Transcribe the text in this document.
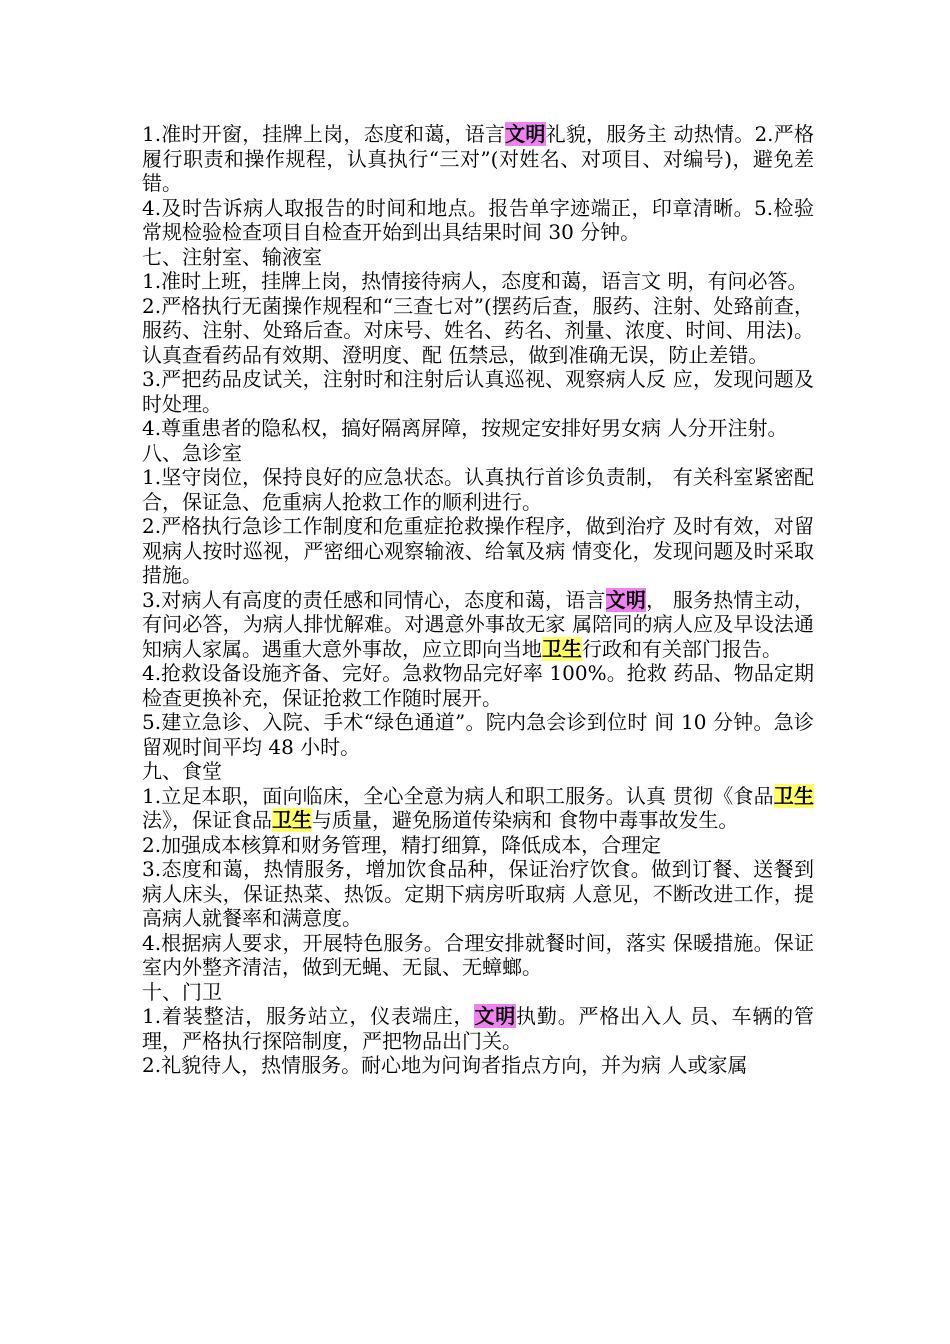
1.准时开窗，挂牌上岗，态度和蔼，语言文明礼貌，服务主 动热情。2.严格履行职责和操作规程，认真执行“三对”(对姓名、对项目、对编号)，避免差错。

4.及时告诉病人取报告的时间和地点。报告单字迹端正，印章清晰。5.检验常规检验检查项目自检查开始到出具结果时间 30 分钟。

七、注射室、输液室

1.准时上班，挂牌上岗，热情接待病人，态度和蔼，语言文 明，有问必答。

2.严格执行无菌操作规程和“三查七对”(摆药后查，服药、注射、处臵前查，服药、注射、处臵后查。对床号、姓名、药名、剂量、浓度、时间、用法)。认真查看药品有效期、澄明度、配 伍禁忌，做到准确无误，防止差错。

3.严把药品皮试关，注射时和注射后认真巡视、观察病人反 应，发现问题及时处理。

4.尊重患者的隐私权，搞好隔离屏障，按规定安排好男女病 人分开注射。

八、急诊室

1.坚守岗位，保持良好的应急状态。认真执行首诊负责制， 有关科室紧密配合，保证急、危重病人抢救工作的顺利进行。

2.严格执行急诊工作制度和危重症抢救操作程序，做到治疗 及时有效，对留观病人按时巡视，严密细心观察输液、给氧及病 情变化，发现问题及时采取措施。

3.对病人有高度的责任感和同情心，态度和蔼，语言文明， 服务热情主动，有问必答，为病人排忧解难。对遇意外事故无家 属陪同的病人应及早设法通知病人家属。遇重大意外事故，应立即向当地卫生行政和有关部门报告。

4.抢救设备设施齐备、完好。急救物品完好率 100%。抢救 药品、物品定期检查更换补充，保证抢救工作随时展开。

5.建立急诊、入院、手术“绿色通道”。院内急会诊到位时 间 10 分钟。急诊留观时间平均 48 小时。

九、食堂

1.立足本职，面向临床，全心全意为病人和职工服务。认真 贯彻《食品卫生法》，保证食品卫生与质量，避免肠道传染病和 食物中毒事故发生。

2.加强成本核算和财务管理，精打细算，降低成本，合理定

3.态度和蔼，热情服务，增加饮食品种，保证治疗饮食。做到订餐、送餐到病人床头，保证热菜、热饭。定期下病房听取病 人意见，不断改进工作，提高病人就餐率和满意度。

4.根据病人要求，开展特色服务。合理安排就餐时间，落实 保暖措施。保证室内外整齐清洁，做到无蝇、无鼠、无蟑螂。

十、门卫

1.着装整洁，服务站立，仪表端庄，文明执勤。严格出入人 员、车辆的管理，严格执行探陪制度，严把物品出门关。

2.礼貌待人，热情服务。耐心地为问询者指点方向，并为病 人或家属
